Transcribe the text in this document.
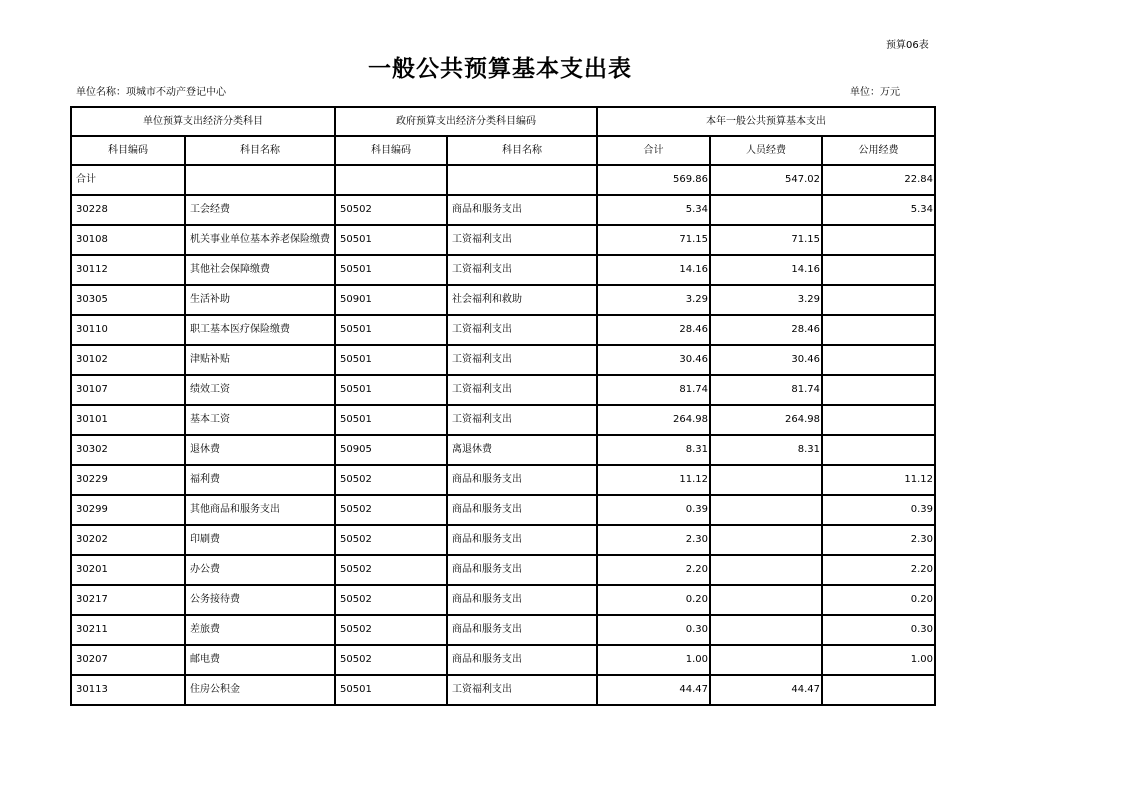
预算06表
一般公共预算基本支出表
单位名称：项城市不动产登记中心	单位：万元
单位预算支出经济分类科目		政府预算支出经济分类科目编码		本年一般公共预算基本支出		
科目编码	科目名称	科目编码	科目名称	合计	人员经费	公用经费
合计				569.86	547.02	22.84
30228	工会经费	50502	商品和服务支出	5.34		5.34
30108	机关事业单位基本养老保险缴费	50501	工资福利支出	71.15	71.15	
30112	其他社会保障缴费	50501	工资福利支出	14.16	14.16	
30305	生活补助	50901	社会福利和救助	3.29	3.29	
30110	职工基本医疗保险缴费	50501	工资福利支出	28.46	28.46	
30102	津贴补贴	50501	工资福利支出	30.46	30.46	
30107	绩效工资	50501	工资福利支出	81.74	81.74	
30101	基本工资	50501	工资福利支出	264.98	264.98	
30302	退休费	50905	离退休费	8.31	8.31	
30229	福利费	50502	商品和服务支出	11.12		11.12
30299	其他商品和服务支出	50502	商品和服务支出	0.39		0.39
30202	印刷费	50502	商品和服务支出	2.30		2.30
30201	办公费	50502	商品和服务支出	2.20		2.20
30217	公务接待费	50502	商品和服务支出	0.20		0.20
30211	差旅费	50502	商品和服务支出	0.30		0.30
30207	邮电费	50502	商品和服务支出	1.00		1.00
30113	住房公积金	50501	工资福利支出	44.47	44.47	
